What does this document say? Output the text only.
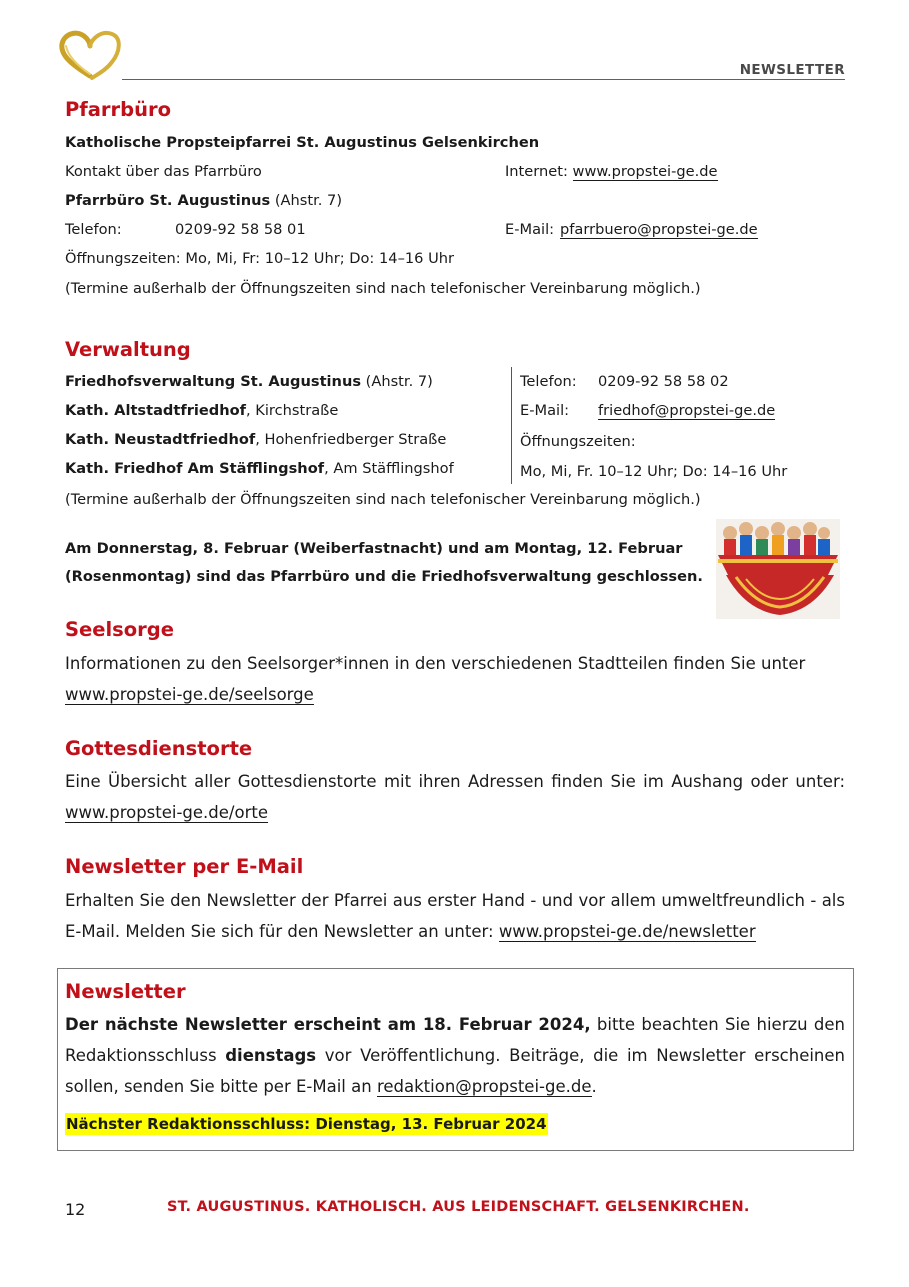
NEWSLETTER
Pfarrbüro
Katholische Propsteipfarrei St. Augustinus Gelsenkirchen
Kontakt über das Pfarrbüro	Internet: www.propstei-ge.de
Pfarrbüro St. Augustinus (Ahstr. 7)
Telefon:	0209-92 58 58 01	E-Mail: pfarrbuero@propstei-ge.de
Öffnungszeiten: Mo, Mi, Fr: 10–12 Uhr; Do: 14–16 Uhr
(Termine außerhalb der Öffnungszeiten sind nach telefonischer Vereinbarung möglich.)
Verwaltung
Friedhofsverwaltung St. Augustinus (Ahstr. 7)
Kath. Altstadtfriedhof, Kirchstraße
Kath. Neustadtfriedhof, Hohenfriedberger Straße
Kath. Friedhof Am Stäfflingshof, Am Stäfflingshof
Telefon: 0209-92 58 58 02
E-Mail: friedhof@propstei-ge.de
Öffnungszeiten:
Mo, Mi, Fr. 10–12 Uhr; Do: 14–16 Uhr
(Termine außerhalb der Öffnungszeiten sind nach telefonischer Vereinbarung möglich.)
Am Donnerstag, 8. Februar (Weiberfastnacht) und am Montag, 12. Februar
(Rosenmontag) sind das Pfarrbüro und die Friedhofsverwaltung geschlossen.
Seelsorge
Informationen zu den Seelsorger*innen in den verschiedenen Stadtteilen finden Sie unter
www.propstei-ge.de/seelsorge
Gottesdienstorte
Eine Übersicht aller Gottesdienstorte mit ihren Adressen finden Sie im Aushang oder unter: www.propstei-ge.de/orte
Newsletter per E-Mail
Erhalten Sie den Newsletter der Pfarrei aus erster Hand - und vor allem umweltfreundlich - als E-Mail. Melden Sie sich für den Newsletter an unter: www.propstei-ge.de/newsletter
Newsletter
Der nächste Newsletter erscheint am 18. Februar 2024, bitte beachten Sie hierzu den Redaktionsschluss dienstags vor Veröffentlichung. Beiträge, die im Newsletter erscheinen sollen, senden Sie bitte per E-Mail an redaktion@propstei-ge.de.
Nächster Redaktionsschluss: Dienstag, 13. Februar 2024
12	ST. AUGUSTINUS. KATHOLISCH. AUS LEIDENSCHAFT. GELSENKIRCHEN.
